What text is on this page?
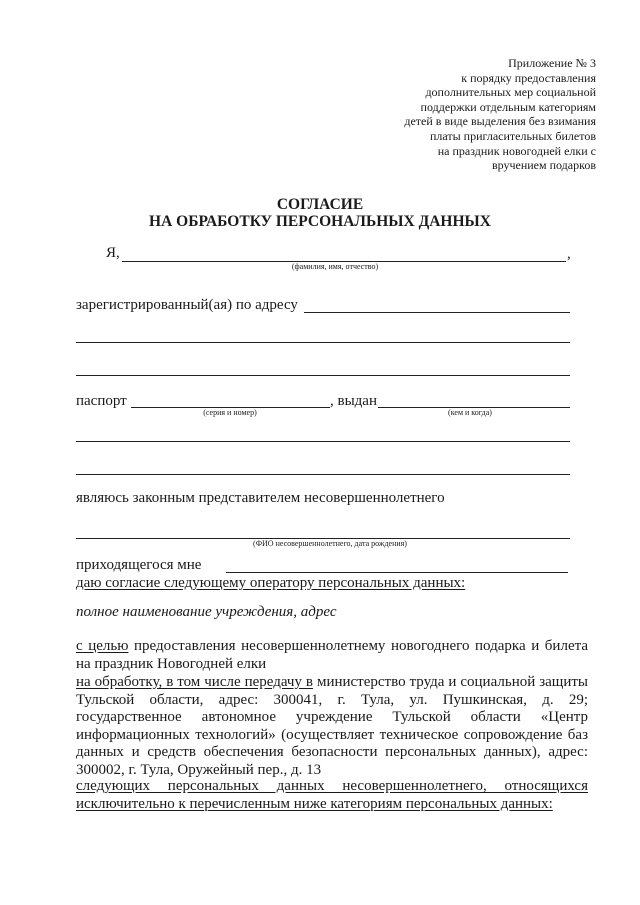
Приложение № 3
к порядку предоставления
дополнительных мер социальной
поддержки отдельным категориям
детей в виде выделения без взимания
платы пригласительных билетов
на праздник новогодней елки с
вручением подарков
СОГЛАСИЕ
НА ОБРАБОТКУ ПЕРСОНАЛЬНЫХ ДАННЫХ
Я,	,
(фамилия, имя, отчество)
зарегистрированный(ая) по адресу
паспорт
(серия и номер)
, выдан
(кем и когда)
являюсь законным представителем несовершеннолетнего
(ФИО несовершеннолетнего, дата рождения)
приходящегося мне
даю согласие следующему оператору персональных данных:
полное наименование учреждения, адрес
с целью предоставления несовершеннолетнему новогоднего подарка и билета на праздник Новогодней елки
на обработку, в том числе передачу в министерство труда и социальной защиты Тульской области, адрес: 300041, г. Тула, ул. Пушкинская, д. 29; государственное автономное учреждение Тульской области «Центр информационных технологий» (осуществляет техническое сопровождение баз данных и средств обеспечения безопасности персональных данных), адрес: 300002, г. Тула, Оружейный пер., д. 13
следующих персональных данных несовершеннолетнего, относящихся исключительно к перечисленным ниже категориям персональных данных:
